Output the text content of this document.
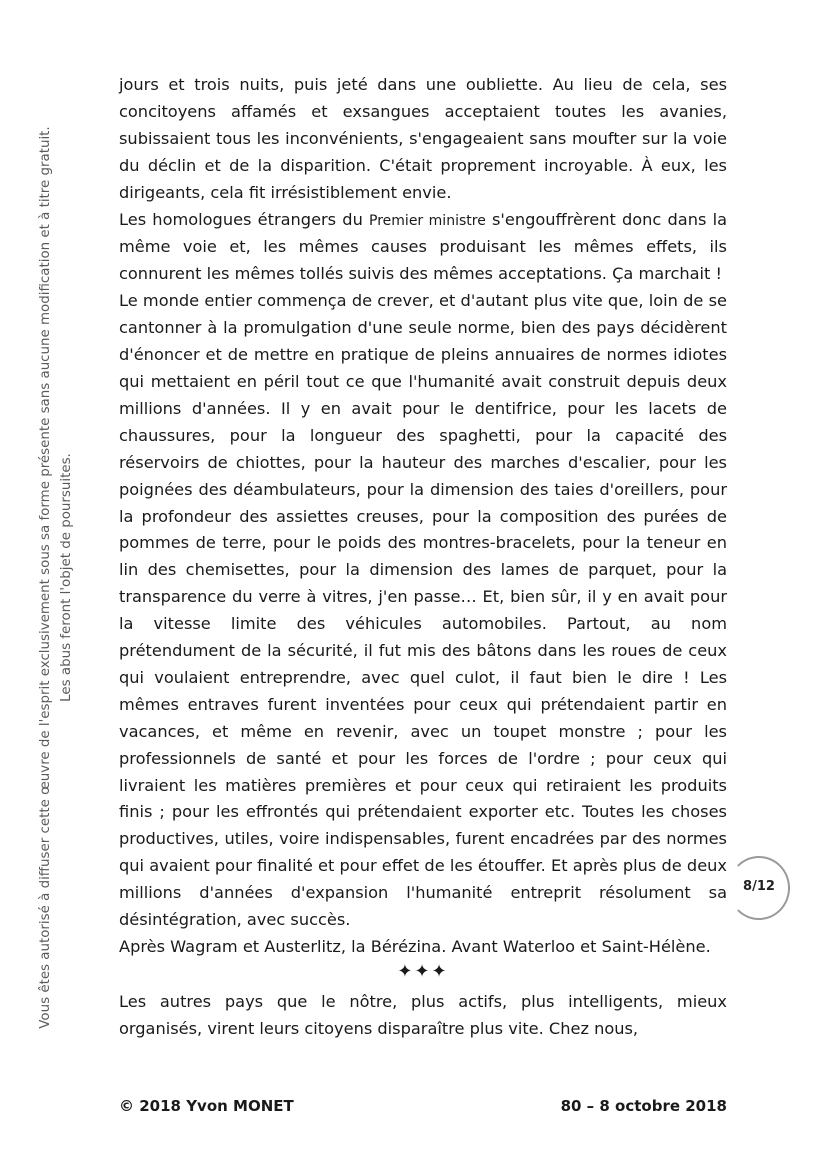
Vous êtes autorisé à diffuser cette œuvre de l'esprit exclusivement sous sa forme présente sans aucune modification et à titre gratuit. Les abus feront l'objet de poursuites.

jours et trois nuits, puis jeté dans une oubliette. Au lieu de cela, ses concitoyens affamés et exsangues acceptaient toutes les avanies, subissaient tous les inconvénients, s'engageaient sans moufter sur la voie du déclin et de la disparition. C'était proprement incroyable. À eux, les dirigeants, cela fit irrésistiblement envie.

Les homologues étrangers du Premier ministre s'engouffrèrent donc dans la même voie et, les mêmes causes produisant les mêmes effets, ils connurent les mêmes tollés suivis des mêmes acceptations. Ça marchait !

Le monde entier commença de crever, et d'autant plus vite que, loin de se cantonner à la promulgation d'une seule norme, bien des pays décidèrent d'énoncer et de mettre en pratique de pleins annuaires de normes idiotes qui mettaient en péril tout ce que l'humanité avait construit depuis deux millions d'années. Il y en avait pour le dentifrice, pour les lacets de chaussures, pour la longueur des spaghetti, pour la capacité des réservoirs de chiottes, pour la hauteur des marches d'escalier, pour les poignées des déambulateurs, pour la dimension des taies d'oreillers, pour la profondeur des assiettes creuses, pour la composition des purées de pommes de terre, pour le poids des montres-bracelets, pour la teneur en lin des chemisettes, pour la dimension des lames de parquet, pour la transparence du verre à vitres, j'en passe… Et, bien sûr, il y en avait pour la vitesse limite des véhicules automobiles. Partout, au nom prétendument de la sécurité, il fut mis des bâtons dans les roues de ceux qui voulaient entreprendre, avec quel culot, il faut bien le dire ! Les mêmes entraves furent inventées pour ceux qui prétendaient partir en vacances, et même en revenir, avec un toupet monstre ; pour les professionnels de santé et pour les forces de l'ordre ; pour ceux qui livraient les matières premières et pour ceux qui retiraient les produits finis ; pour les effrontés qui prétendaient exporter etc. Toutes les choses productives, utiles, voire indispensables, furent encadrées par des normes qui avaient pour finalité et pour effet de les étouffer. Et après plus de deux millions d'années d'expansion l'humanité entreprit résolument sa désintégration, avec succès.

Après Wagram et Austerlitz, la Bérézina. Avant Waterloo et Saint-Hélène.

✦✦✦

Les autres pays que le nôtre, plus actifs, plus intelligents, mieux organisés, virent leurs citoyens disparaître plus vite. Chez nous,

8/12
© 2018 Yvon MONET	80 – 8 octobre 2018
